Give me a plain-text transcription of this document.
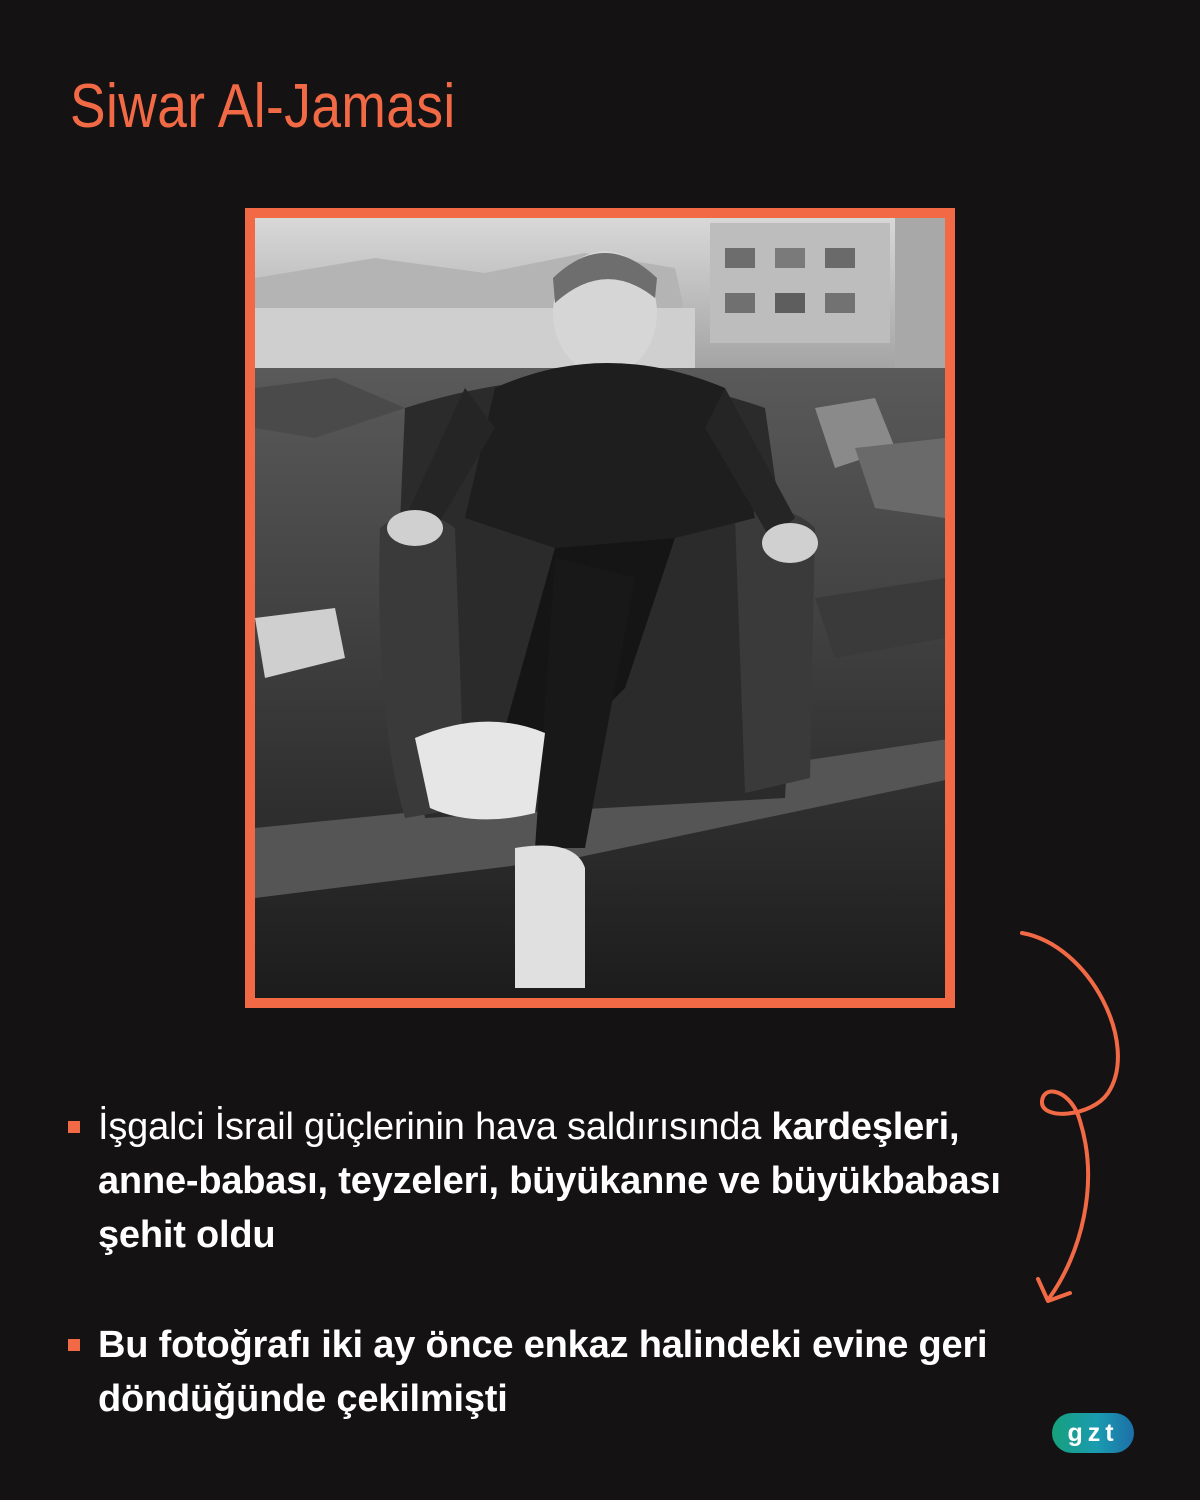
Siwar Al-Jamasi
İşgalci İsrail güçlerinin hava saldırısında kardeşleri, anne-babası, teyzeleri, büyükanne ve büyükbabası şehit oldu
Bu fotoğrafı iki ay önce enkaz halindeki evine geri döndüğünde çekilmişti
gzt
